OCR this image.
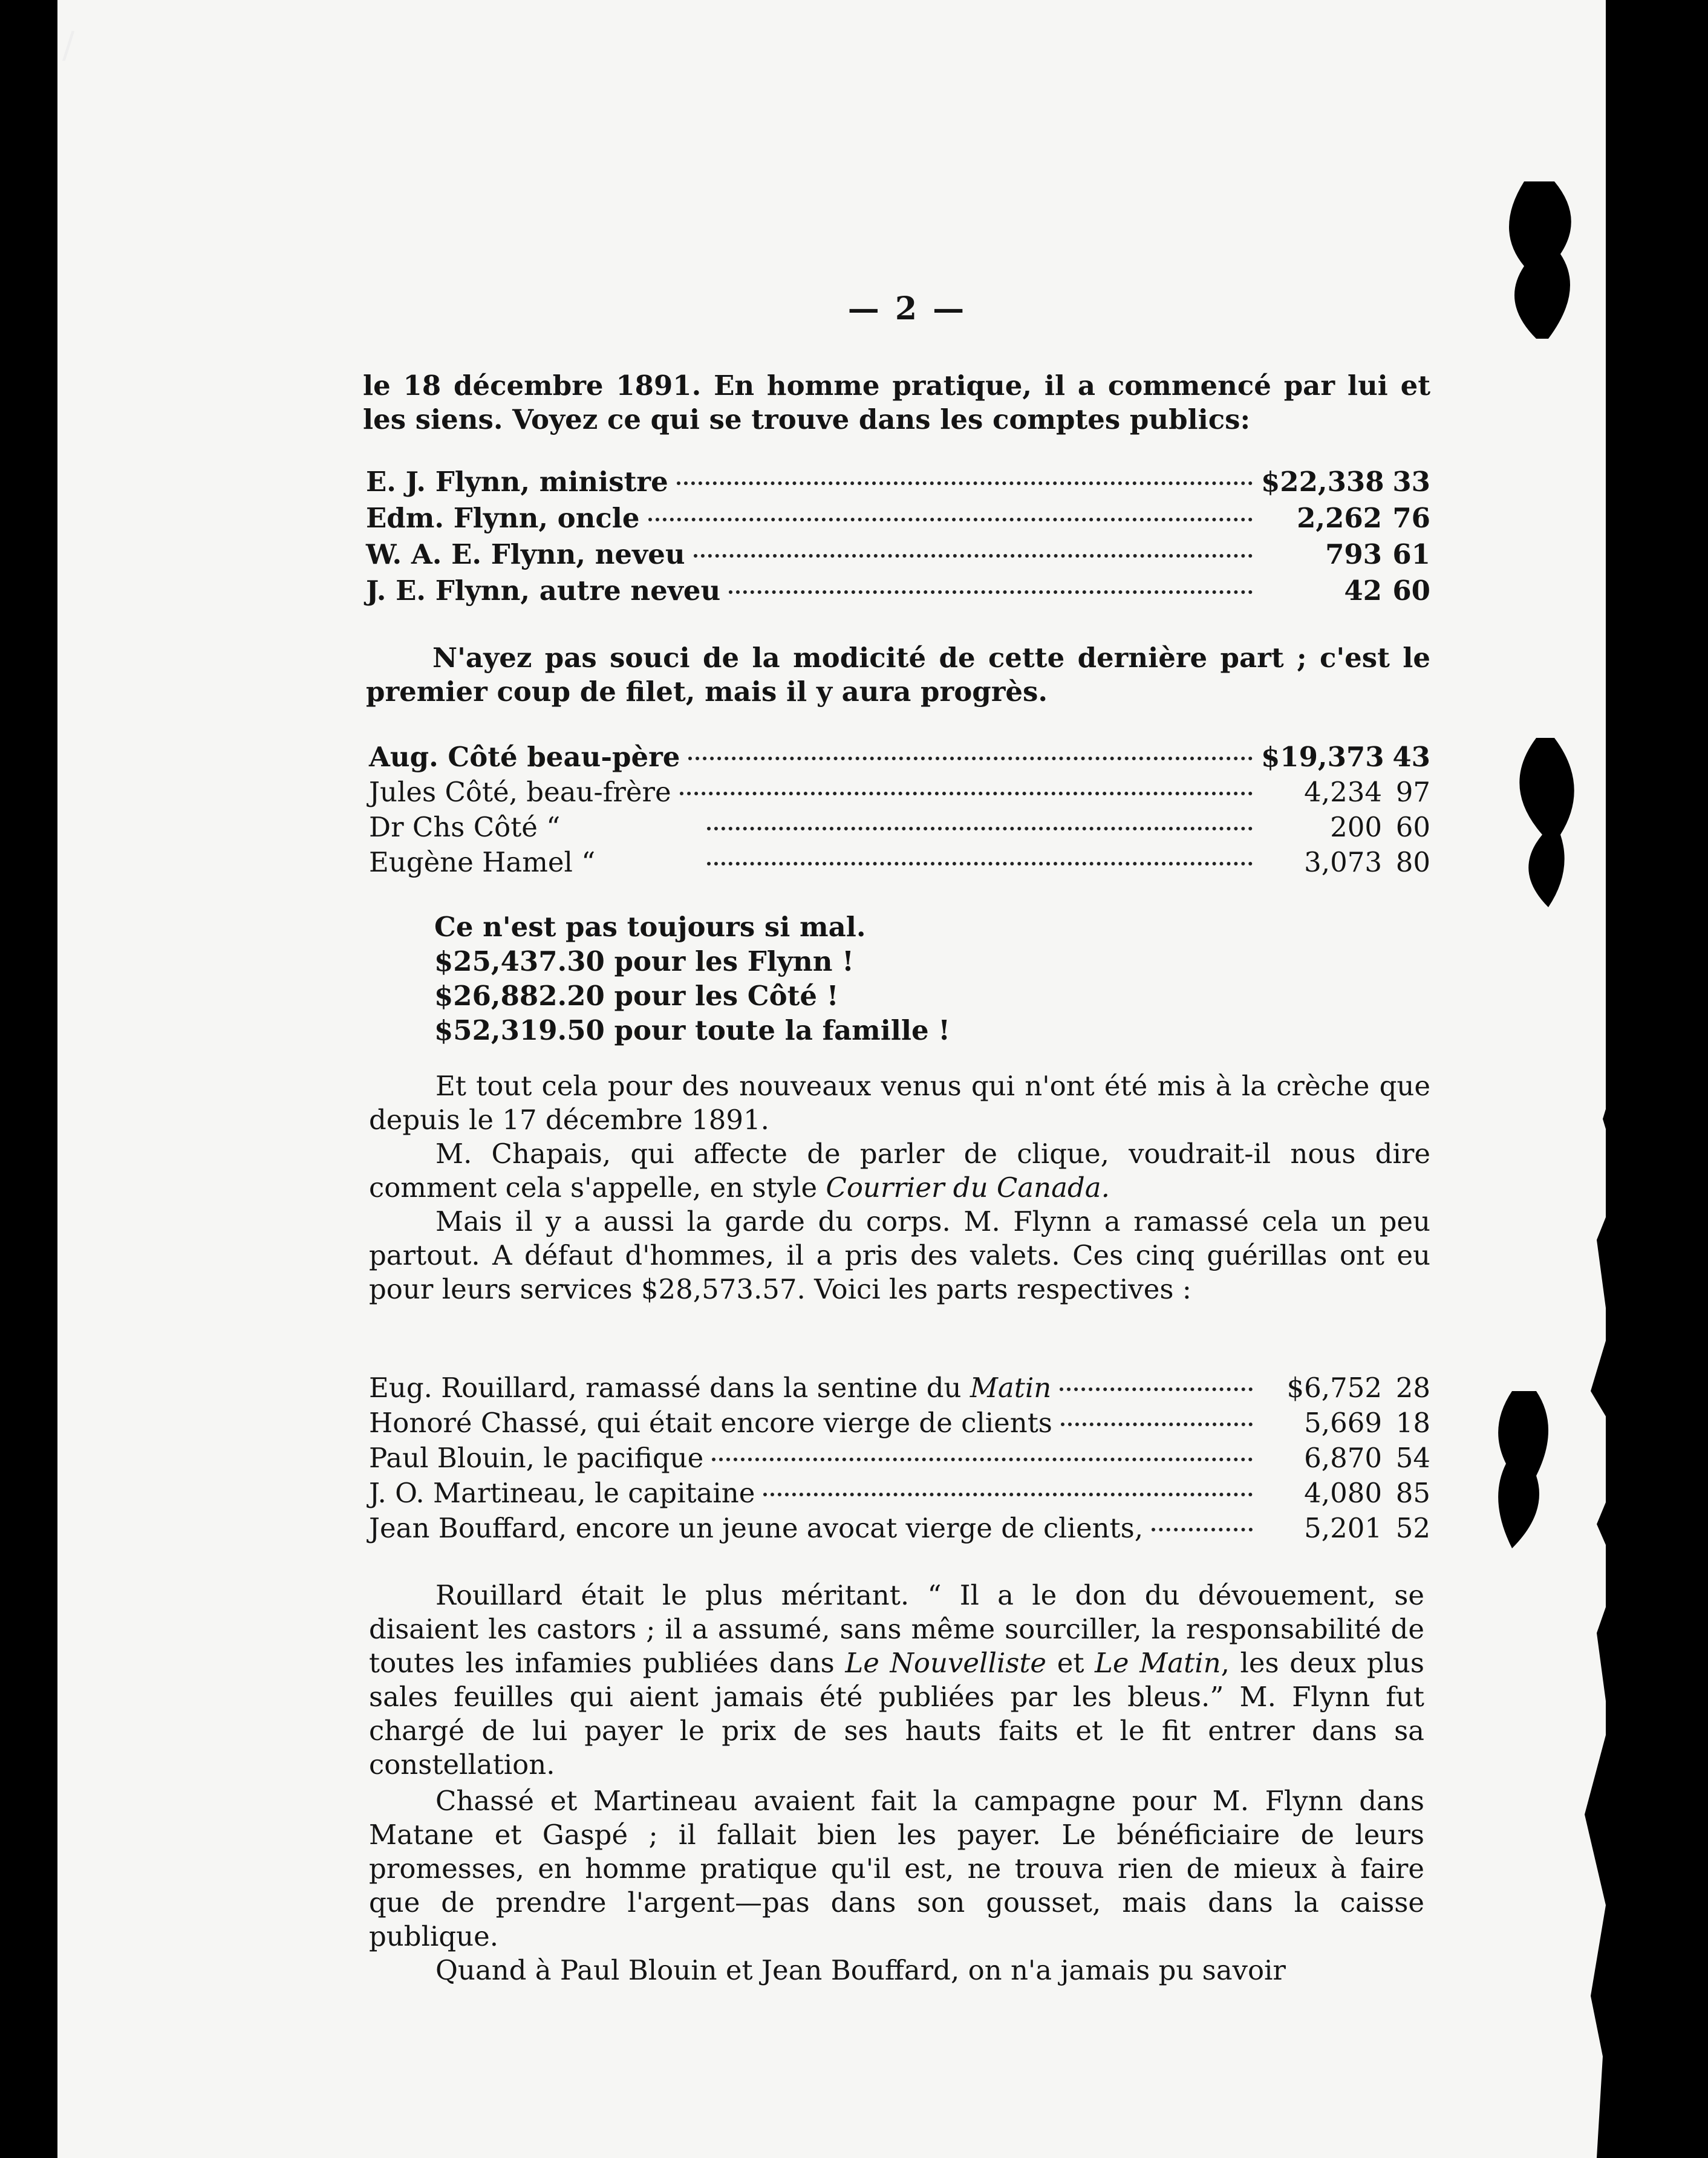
/
— 2 —

le 18 décembre 1891. En homme pratique, il a commencé par lui et les siens. Voyez ce qui se trouve dans les comptes publics:

E. J. Flynn, ministre	$22,338 33
Edm. Flynn, oncle	2,262 76
W. A. E. Flynn, neveu	793 61
J. E. Flynn, autre neveu	42 60

N'ayez pas souci de la modicité de cette dernière part ; c'est le premier coup de filet, mais il y aura progrès.

Aug. Côté beau-père	$19,373 43
Jules Côté, beau-frère	4,234 97
Dr Chs Côté “	200 60
Eugène Hamel “	3,073 80
Ce n'est pas toujours si mal.
$25,437.30 pour les Flynn !
$26,882.20 pour les Côté !
$52,319.50 pour toute la famille !

Et tout cela pour des nouveaux venus qui n'ont été mis à la crèche que depuis le 17 décembre 1891.

M. Chapais, qui affecte de parler de clique, voudrait-il nous dire comment cela s'appelle, en style Courrier du Canada.

Mais il y a aussi la garde du corps. M. Flynn a ramassé cela un peu partout. A défaut d'hommes, il a pris des valets. Ces cinq guérillas ont eu pour leurs services $28,573.57. Voici les parts respectives :

Eug. Rouillard, ramassé dans la sentine du Matin	$6,752 28
Honoré Chassé, qui était encore vierge de clients	5,669 18
Paul Blouin, le pacifique	6,870 54
J. O. Martineau, le capitaine	4,080 85
Jean Bouffard, encore un jeune avocat vierge de clients,	5,201 52

Rouillard était le plus méritant. “ Il a le don du dévouement, se disaient les castors ; il a assumé, sans même sourciller, la responsabilité de toutes les infamies publiées dans Le Nouvelliste et Le Matin, les deux plus sales feuilles qui aient jamais été publiées par les bleus.” M. Flynn fut chargé de lui payer le prix de ses hauts faits et le fit entrer dans sa constellation.

Chassé et Martineau avaient fait la campagne pour M. Flynn dans Matane et Gaspé ; il fallait bien les payer. Le bénéficiaire de leurs promesses, en homme pratique qu'il est, ne trouva rien de mieux à faire que de prendre l'argent—pas dans son gousset, mais dans la caisse publique.

Quand à Paul Blouin et Jean Bouffard, on n'a jamais pu savoir
